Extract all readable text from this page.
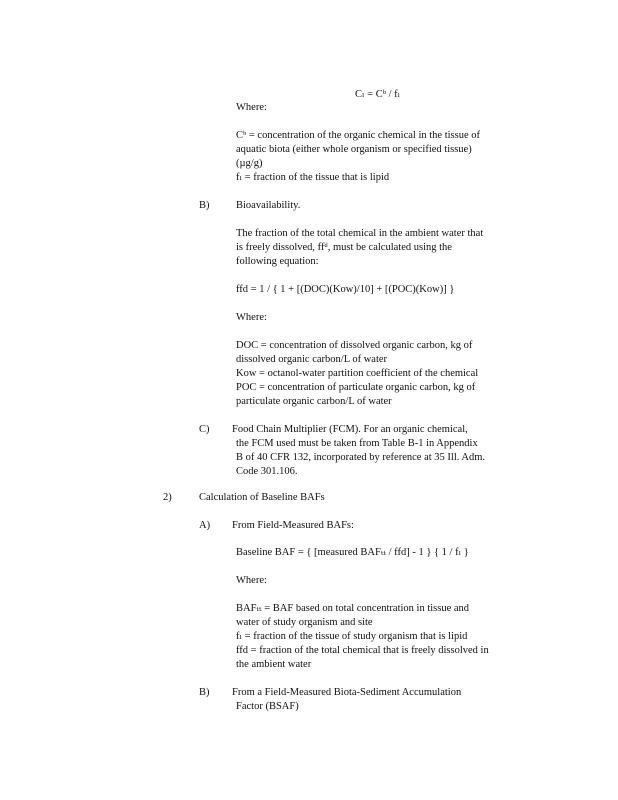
Cₗ = Cᵇ / fₗ
Where:
Cᵇ = concentration of the organic chemical in the tissue of
aquatic biota (either whole organism or specified tissue)
(µg/g)
fₗ = fraction of the tissue that is lipid
B)	Bioavailability.
The fraction of the total chemical in the ambient water that
is freely dissolved, ffᵈ, must be calculated using the
following equation:
ffd = 1 / { 1 + [(DOC)(Kow)/10] + [(POC)(Kow)] }
Where:
DOC = concentration of dissolved organic carbon, kg of
dissolved organic carbon/L of water
Kow = octanol-water partition coefficient of the chemical
POC = concentration of particulate organic carbon, kg of
particulate organic carbon/L of water
C) Food Chain Multiplier (FCM). For an organic chemical,
the FCM used must be taken from Table B-1 in Appendix
B of 40 CFR 132, incorporated by reference at 35 Ill. Adm.
Code 301.106.
2)	Calculation of Baseline BAFs
A) From Field-Measured BAFs:
Baseline BAF = { [measured BAFₜₜ / ffd] - 1 } { 1 / fₗ }
Where:
BAFₜₜ = BAF based on total concentration in tissue and
water of study organism and site
fₗ = fraction of the tissue of study organism that is lipid
ffd = fraction of the total chemical that is freely dissolved in
the ambient water
B) From a Field-Measured Biota-Sediment Accumulation
Factor (BSAF)
